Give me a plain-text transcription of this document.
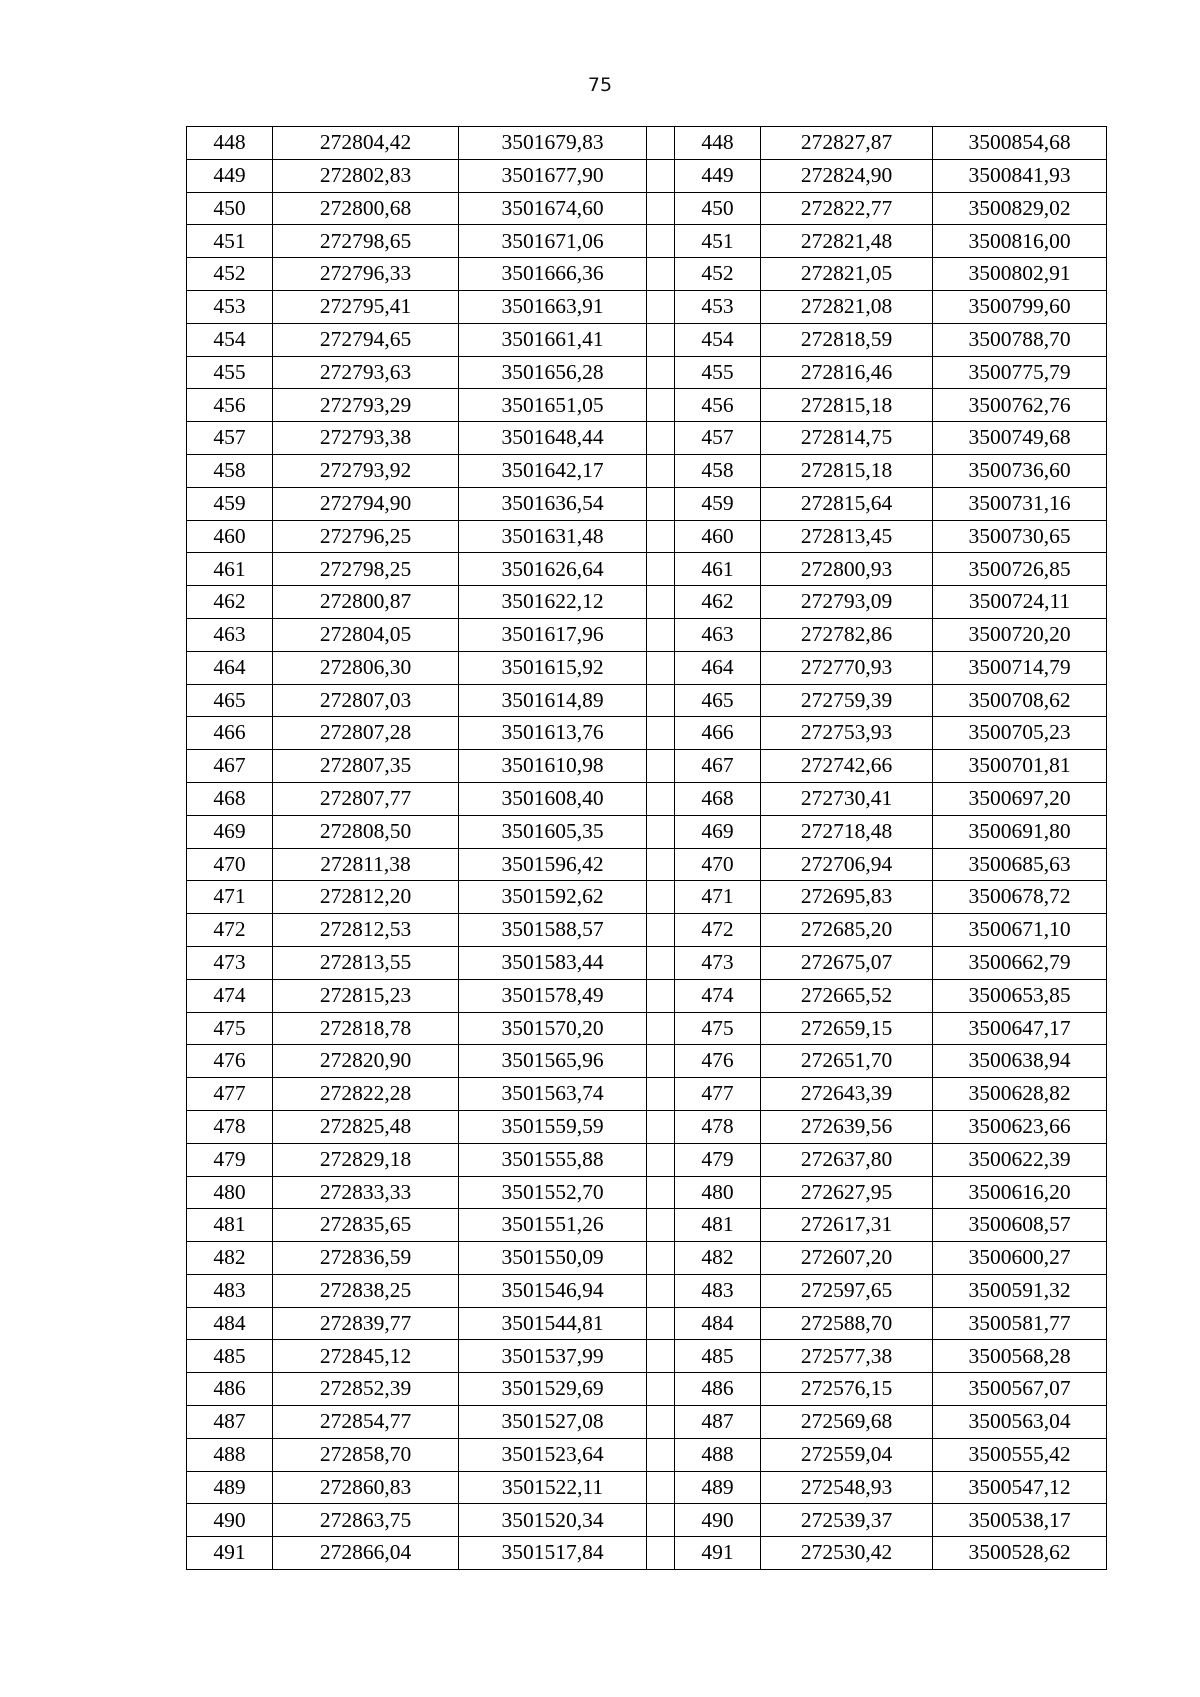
75
448	272804,42	3501679,83		448	272827,87	3500854,68
449	272802,83	3501677,90		449	272824,90	3500841,93
450	272800,68	3501674,60		450	272822,77	3500829,02
451	272798,65	3501671,06		451	272821,48	3500816,00
452	272796,33	3501666,36		452	272821,05	3500802,91
453	272795,41	3501663,91		453	272821,08	3500799,60
454	272794,65	3501661,41		454	272818,59	3500788,70
455	272793,63	3501656,28		455	272816,46	3500775,79
456	272793,29	3501651,05		456	272815,18	3500762,76
457	272793,38	3501648,44		457	272814,75	3500749,68
458	272793,92	3501642,17		458	272815,18	3500736,60
459	272794,90	3501636,54		459	272815,64	3500731,16
460	272796,25	3501631,48		460	272813,45	3500730,65
461	272798,25	3501626,64		461	272800,93	3500726,85
462	272800,87	3501622,12		462	272793,09	3500724,11
463	272804,05	3501617,96		463	272782,86	3500720,20
464	272806,30	3501615,92		464	272770,93	3500714,79
465	272807,03	3501614,89		465	272759,39	3500708,62
466	272807,28	3501613,76		466	272753,93	3500705,23
467	272807,35	3501610,98		467	272742,66	3500701,81
468	272807,77	3501608,40		468	272730,41	3500697,20
469	272808,50	3501605,35		469	272718,48	3500691,80
470	272811,38	3501596,42		470	272706,94	3500685,63
471	272812,20	3501592,62		471	272695,83	3500678,72
472	272812,53	3501588,57		472	272685,20	3500671,10
473	272813,55	3501583,44		473	272675,07	3500662,79
474	272815,23	3501578,49		474	272665,52	3500653,85
475	272818,78	3501570,20		475	272659,15	3500647,17
476	272820,90	3501565,96		476	272651,70	3500638,94
477	272822,28	3501563,74		477	272643,39	3500628,82
478	272825,48	3501559,59		478	272639,56	3500623,66
479	272829,18	3501555,88		479	272637,80	3500622,39
480	272833,33	3501552,70		480	272627,95	3500616,20
481	272835,65	3501551,26		481	272617,31	3500608,57
482	272836,59	3501550,09		482	272607,20	3500600,27
483	272838,25	3501546,94		483	272597,65	3500591,32
484	272839,77	3501544,81		484	272588,70	3500581,77
485	272845,12	3501537,99		485	272577,38	3500568,28
486	272852,39	3501529,69		486	272576,15	3500567,07
487	272854,77	3501527,08		487	272569,68	3500563,04
488	272858,70	3501523,64		488	272559,04	3500555,42
489	272860,83	3501522,11		489	272548,93	3500547,12
490	272863,75	3501520,34		490	272539,37	3500538,17
491	272866,04	3501517,84		491	272530,42	3500528,62
